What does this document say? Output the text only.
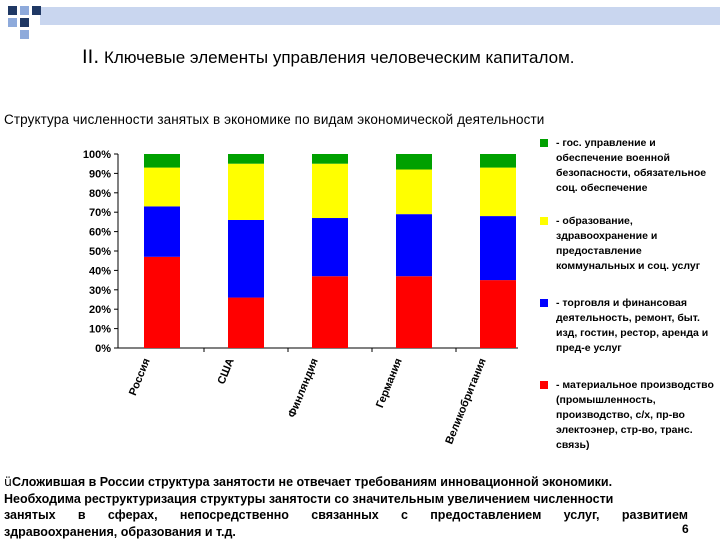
II. Ключевые элементы управления человеческим капиталом.
Структура численности занятых в экономике по видам экономической деятельности
0%
10%
20%
30%
40%
50%
60%
70%
80%
90%
100%
Россия	США	Финляндия	Германия	Великобритания
- гос. управление и обеспечение военной безопасности, обязательное соц. обеспечение
- образование, здравоохранение и предоставление коммунальных и соц. услуг
- торговля и финансовая деятельность, ремонт, быт. изд, гостин, рестор, аренда и пред-е услуг
- материальное производство (промышленность, производство, с/х, пр-во электоэнер, стр-во, транс. связь)
üСложившая в России структура занятости не отвечает требованиям инновационной экономики.
Необходима реструктуризация структуры занятости со значительным увеличением численности
занятых в сферах, непосредственно связанных с предоставлением услуг, развитием
здравоохранения, образования и т.д.	6
